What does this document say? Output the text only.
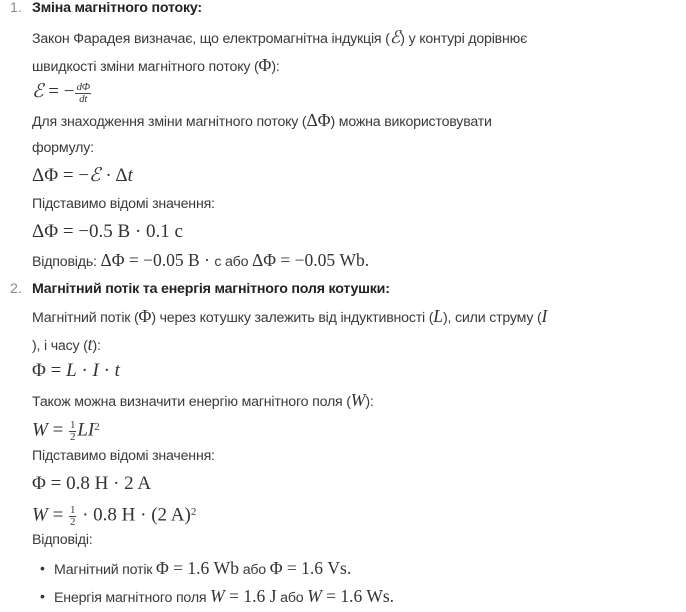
1. Зміна магнітного потоку:
2. Магнітний потік та енергія магнітного поля котушки:
Закон Фарадея визначає, що електромагнітна індукція (ℰ) у контурі дорівнює
швидкості зміни магнітного потоку (Φ):
ℰ = − $\frac{d\Phi}{dt}$
Для знаходження зміни магнітного потоку (ΔΦ) можна використовувати
формулу:
ΔΦ = −ℰ · Δt
Підставимо відомі значення:
ΔΦ = −0.5 B · 0.1 c
Відповідь: ΔΦ = −0.05 B · c або ΔΦ = −0.05 Wb.
Магнітний потік (Φ) через котушку залежить від індуктивності (L), сили струму (I
), і часу (t):
Φ = L · I · t
Також можна визначити енергію магнітного поля (W):
$W = \frac{1}{2} LI^2$
Підставимо відомі значення:
Φ = 0.8 H · 2 A
$W = \frac{1}{2} \cdot 0.8$ H · (2 A)$^2$
Відповіді:
• Магнітний потік Φ = 1.6 Wb або Φ = 1.6 Vs.
• Енергія магнітного поля W = 1.6 J або W = 1.6 Ws.
